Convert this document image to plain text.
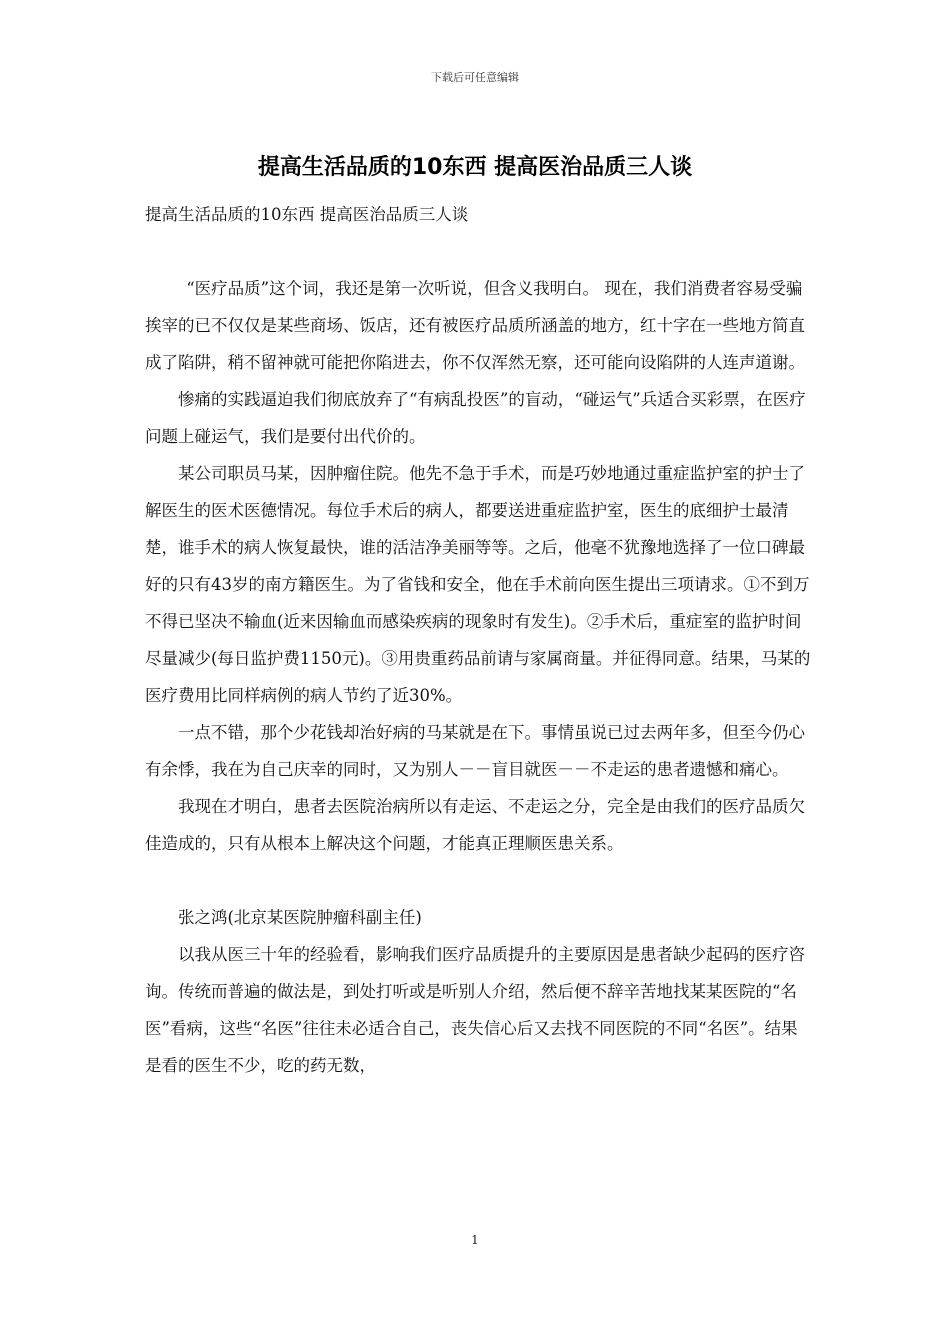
下载后可任意编辑
提高生活品质的10东西 提高医治品质三人谈

提高生活品质的10东西 提高医治品质三人谈

“医疗品质”这个词，我还是第一次听说，但含义我明白。 现在，我们消费者容易受骗挨宰的已不仅仅是某些商场、饭店，还有被医疗品质所涵盖的地方，红十字在一些地方简直成了陷阱，稍不留神就可能把你陷进去，你不仅浑然无察，还可能向设陷阱的人连声道谢。

惨痛的实践逼迫我们彻底放弃了“有病乱投医”的盲动，“碰运气”兵适合买彩票，在医疗问题上碰运气，我们是要付出代价的。

某公司职员马某，因肿瘤住院。他先不急于手术，而是巧妙地通过重症监护室的护士了解医生的医术医德情况。每位手术后的病人，都要送进重症监护室，医生的底细护士最清楚，谁手术的病人恢复最快，谁的活洁净美丽等等。之后，他毫不犹豫地选择了一位口碑最好的只有43岁的南方籍医生。为了省钱和安全，他在手术前向医生提出三项请求。①不到万不得已坚决不输血(近来因输血而感染疾病的现象时有发生)。②手术后，重症室的监护时间尽量减少(每日监护费1150元)。③用贵重药品前请与家属商量。并征得同意。结果，马某的医疗费用比同样病例的病人节约了近30%。

一点不错，那个少花钱却治好病的马某就是在下。事情虽说已过去两年多，但至今仍心有余悸，我在为自己庆幸的同时，又为别人－－盲目就医－－不走运的患者遗憾和痛心。

我现在才明白，患者去医院治病所以有走运、不走运之分，完全是由我们的医疗品质欠佳造成的，只有从根本上解决这个问题，才能真正理顺医患关系。

张之鸿(北京某医院肿瘤科副主任)

以我从医三十年的经验看，影响我们医疗品质提升的主要原因是患者缺少起码的医疗咨询。传统而普遍的做法是，到处打听或是听别人介绍，然后便不辞辛苦地找某某医院的“名医”看病，这些“名医”往往未必适合自己，丧失信心后又去找不同医院的不同“名医”。结果是看的医生不少，吃的药无数，

1
